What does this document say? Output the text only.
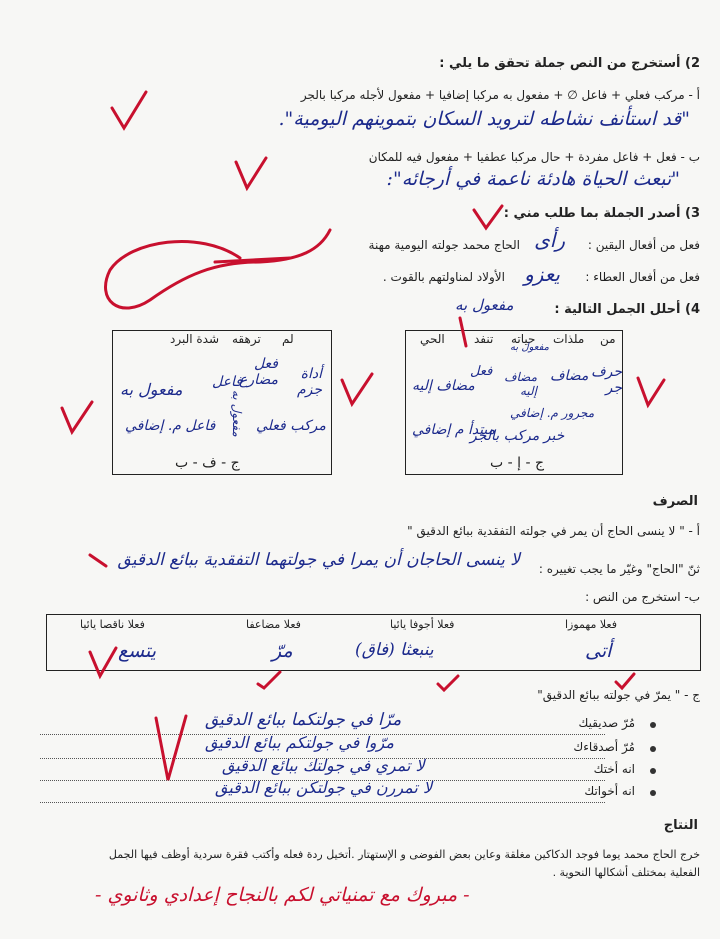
2) أستخرج من النص جملة تحقق ما يلي :
أ - مركب فعلي + فاعل ∅ + مفعول به مركبا إضافيا + مفعول لأجله مركبا بالجر
"قد استأنف نشاطه لترويد السكان بتموينهم اليومية".
ب - فعل + فاعل مفردة + حال مركبا عطفيا + مفعول فيه للمكان
"تبعث الحياة هادئة ناعمة في أرجائه":
3) أصدر الجملة بما طلب مني :
فعل من أفعال اليقين :
رأى
الحاج محمد جولته اليومية مهنة
فعل من أفعال العطاء :
يعزو
الأولاد لمناولتهم بالقوت .
4) أحلل الجمل التالية :
مفعول به
لم
ترهقه
شدة البرد
أداة جزم
فعل مضارع
مفعول به
فاعل
مفعول به
مركب فعلي
فاعل م. إضافي
ج - ف - ب
من
ملذات
حياته
تنفد
الحي
حرف جر
مضاف
مضاف إليه
فعل
مفعول به
مضاف إليه
مجرور م. إضافي
مبتدأ م إضافي
خبر مركب بالجر
ج - إ - ب
الصرف
أ - " لا ينسى الحاج أن يمر في جولته التفقدية ببائع الدقيق "
ثنّ "الحاج" وغيّر ما يجب تغييره :
لا ينسى الحاجان أن يمرا في جولتهما التفقدية ببائع الدقيق
ب- استخرج من النص :
فعلا مهموزا
فعلا أجوفا يائيا
فعلا مضاعفا
فعلا ناقصا يائيا
أتى
ينبعثا (فاق)
مرّ
يتسع
ج - " يمرّ في جولته ببائع الدقيق"
مُرّ صديقيك
مرّا في جولتكما ببائع الدقيق
مُرّ أصدقاءك
مرّوا في جولتكم ببائع الدقيق
انه أختك
لا تمري في جولتك ببائع الدقيق
انه أخواتك
لا تمررن في جولتكن ببائع الدقيق
النتاج
خرج الحاج محمد يوما فوجد الدكاكين مغلقة وعاين بعض الفوضى و الإستهتار .أتخيل ردة فعله وأكتب فقرة سردية أوظف فيها الجمل
الفعلية بمختلف أشكالها النحوية .
- مبروك مع تمنياتي لكم بالنجاح إعدادي وثانوي -
